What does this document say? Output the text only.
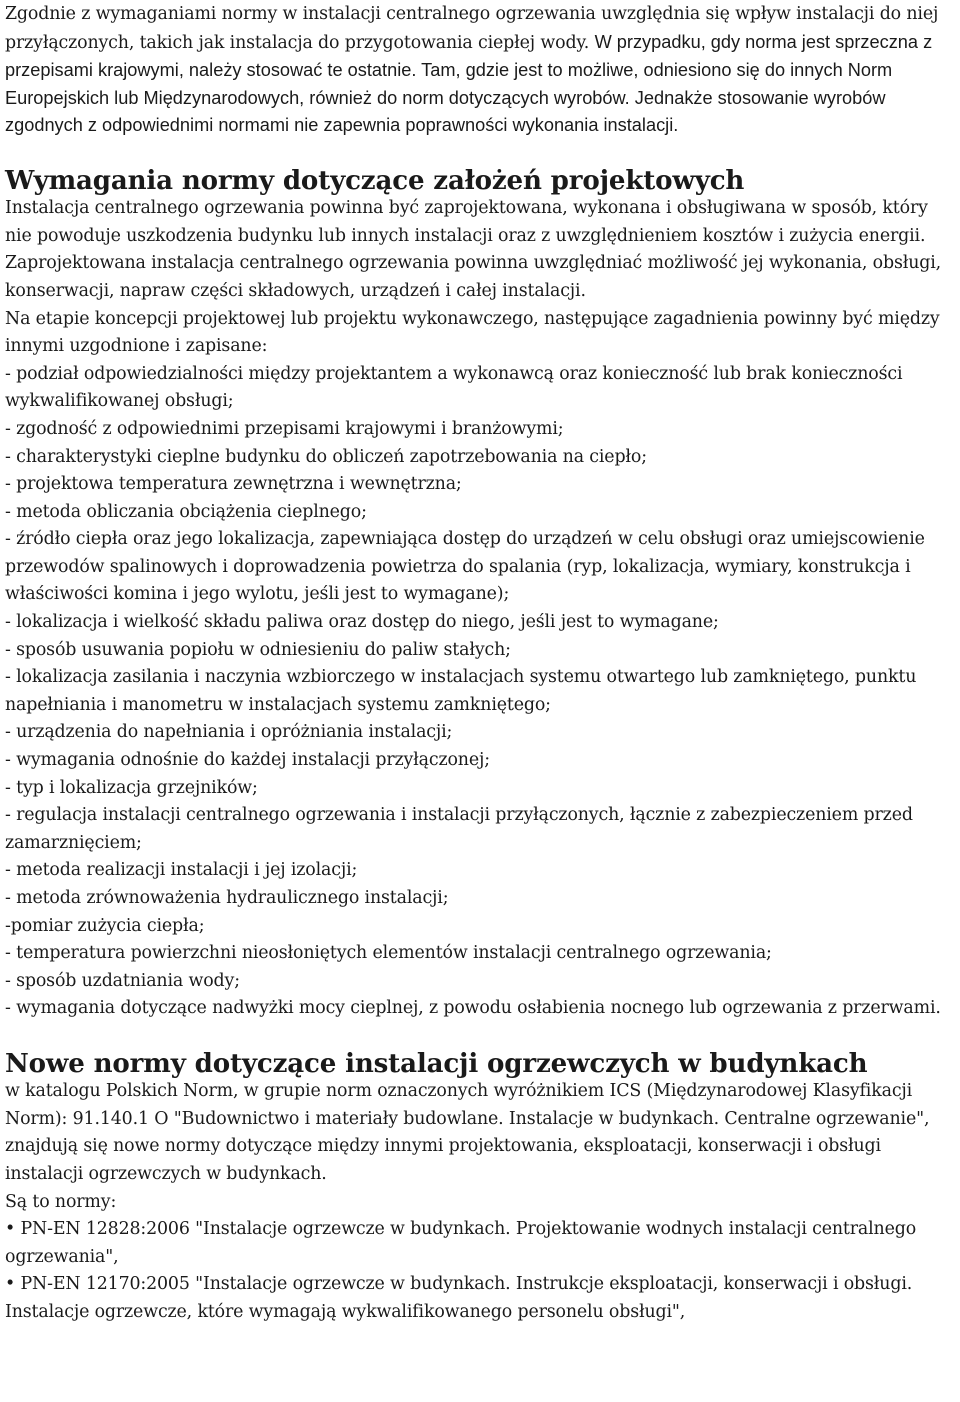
Zgodnie z wymaganiami normy w instalacji centralnego ogrzewania uwzględnia się wpływ instalacji do niej przyłączonych, takich jak instalacja do przygotowania ciepłej wody. W przypadku, gdy norma jest sprzeczna z przepisami krajowymi, należy stosować te ostatnie. Tam, gdzie jest to możliwe, odniesiono się do innych Norm Europejskich lub Międzynarodowych, również do norm dotyczących wyrobów. Jednakże stosowanie wyrobów zgodnych z odpowiednimi normami nie zapewnia poprawności wykonania instalacji.

Wymagania normy dotyczące założeń projektowych

Instalacja centralnego ogrzewania powinna być zaprojektowana, wykonana i obsługiwana w sposób, który nie powoduje uszkodzenia budynku lub innych instalacji oraz z uwzględnieniem kosztów i zużycia energii.

Zaprojektowana instalacja centralnego ogrzewania powinna uwzględniać możliwość jej wykonania, obsługi, konserwacji, napraw części składowych, urządzeń i całej instalacji.

Na etapie koncepcji projektowej lub projektu wykonawczego, następujące zagadnienia powinny być między innymi uzgodnione i zapisane:

- podział odpowiedzialności między projektantem a wykonawcą oraz konieczność lub brak konieczności wykwalifikowanej obsługi;

- zgodność z odpowiednimi przepisami krajowymi i branżowymi;

- charakterystyki cieplne budynku do obliczeń zapotrzebowania na ciepło;

- projektowa temperatura zewnętrzna i wewnętrzna;

- metoda obliczania obciążenia cieplnego;

- źródło ciepła oraz jego lokalizacja, zapewniająca dostęp do urządzeń w celu obsługi oraz umiejscowienie przewodów spalinowych i doprowadzenia powietrza do spalania (ryp, lokalizacja, wymiary, konstrukcja i właściwości komina i jego wylotu, jeśli jest to wymagane);

- lokalizacja i wielkość składu paliwa oraz dostęp do niego, jeśli jest to wymagane;

- sposób usuwania popiołu w odniesieniu do paliw stałych;

- lokalizacja zasilania i naczynia wzbiorczego w instalacjach systemu otwartego lub zamkniętego, punktu napełniania i manometru w instalacjach systemu zamkniętego;

- urządzenia do napełniania i opróżniania instalacji;

- wymagania odnośnie do każdej instalacji przyłączonej;

- typ i lokalizacja grzejników;

- regulacja instalacji centralnego ogrzewania i instalacji przyłączonych, łącznie z zabezpieczeniem przed zamarznięciem;

- metoda realizacji instalacji i jej izolacji;

- metoda zrównoważenia hydraulicznego instalacji;

-pomiar zużycia ciepła;

- temperatura powierzchni nieosłoniętych elementów instalacji centralnego ogrzewania;

- sposób uzdatniania wody;

- wymagania dotyczące nadwyżki mocy cieplnej, z powodu osłabienia nocnego lub ogrzewania z przerwami.

Nowe normy dotyczące instalacji ogrzewczych w budynkach

w katalogu Polskich Norm, w grupie norm oznaczonych wyróżnikiem ICS (Międzynarodowej Klasyfikacji Norm): 91.140.1 O "Budownictwo i materiały budowlane. Instalacje w budynkach. Centralne ogrzewanie", znajdują się nowe normy dotyczące między innymi projektowania, eksploatacji, konserwacji i obsługi instalacji ogrzewczych w budynkach.

Są to normy:

• PN-EN 12828:2006 "Instalacje ogrzewcze w budynkach. Projektowanie wodnych instalacji centralnego ogrzewania",

• PN-EN 12170:2005 "Instalacje ogrzewcze w budynkach. Instrukcje eksploatacji, konserwacji i obsługi. Instalacje ogrzewcze, które wymagają wykwalifikowanego personelu obsługi",
